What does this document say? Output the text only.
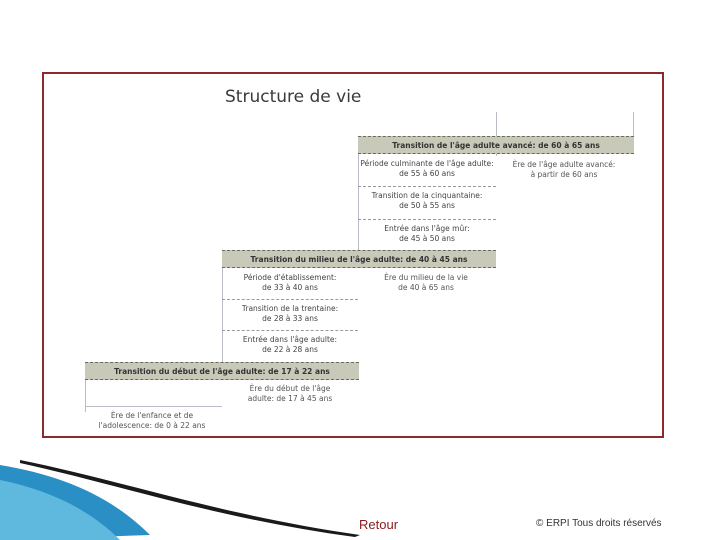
Structure de vie
Transition de l'âge adulte avancé: de 60 à 65 ans
Transition du milieu de l'âge adulte: de 40 à 45 ans
Transition du début de l'âge adulte: de 17 à 22 ans
Période culminante de l'âge adulte:
de 55 à 60 ans
Transition de la cinquantaine:
de 50 à 55 ans
Entrée dans l'âge mûr:
de 45 à 50 ans
Période d'établissement:
de 33 à 40 ans
Transition de la trentaine:
de 28 à 33 ans
Entrée dans l'âge adulte:
de 22 à 28 ans
Ère de l'âge adulte avancé:
à partir de 60 ans
Ère du milieu de la vie
de 40 à 65 ans
Ère du début de l'âge
adulte: de 17 à 45 ans
Ère de l'enfance et de
l'adolescence: de 0 à 22 ans
Retour	© ERPI Tous droits réservés
